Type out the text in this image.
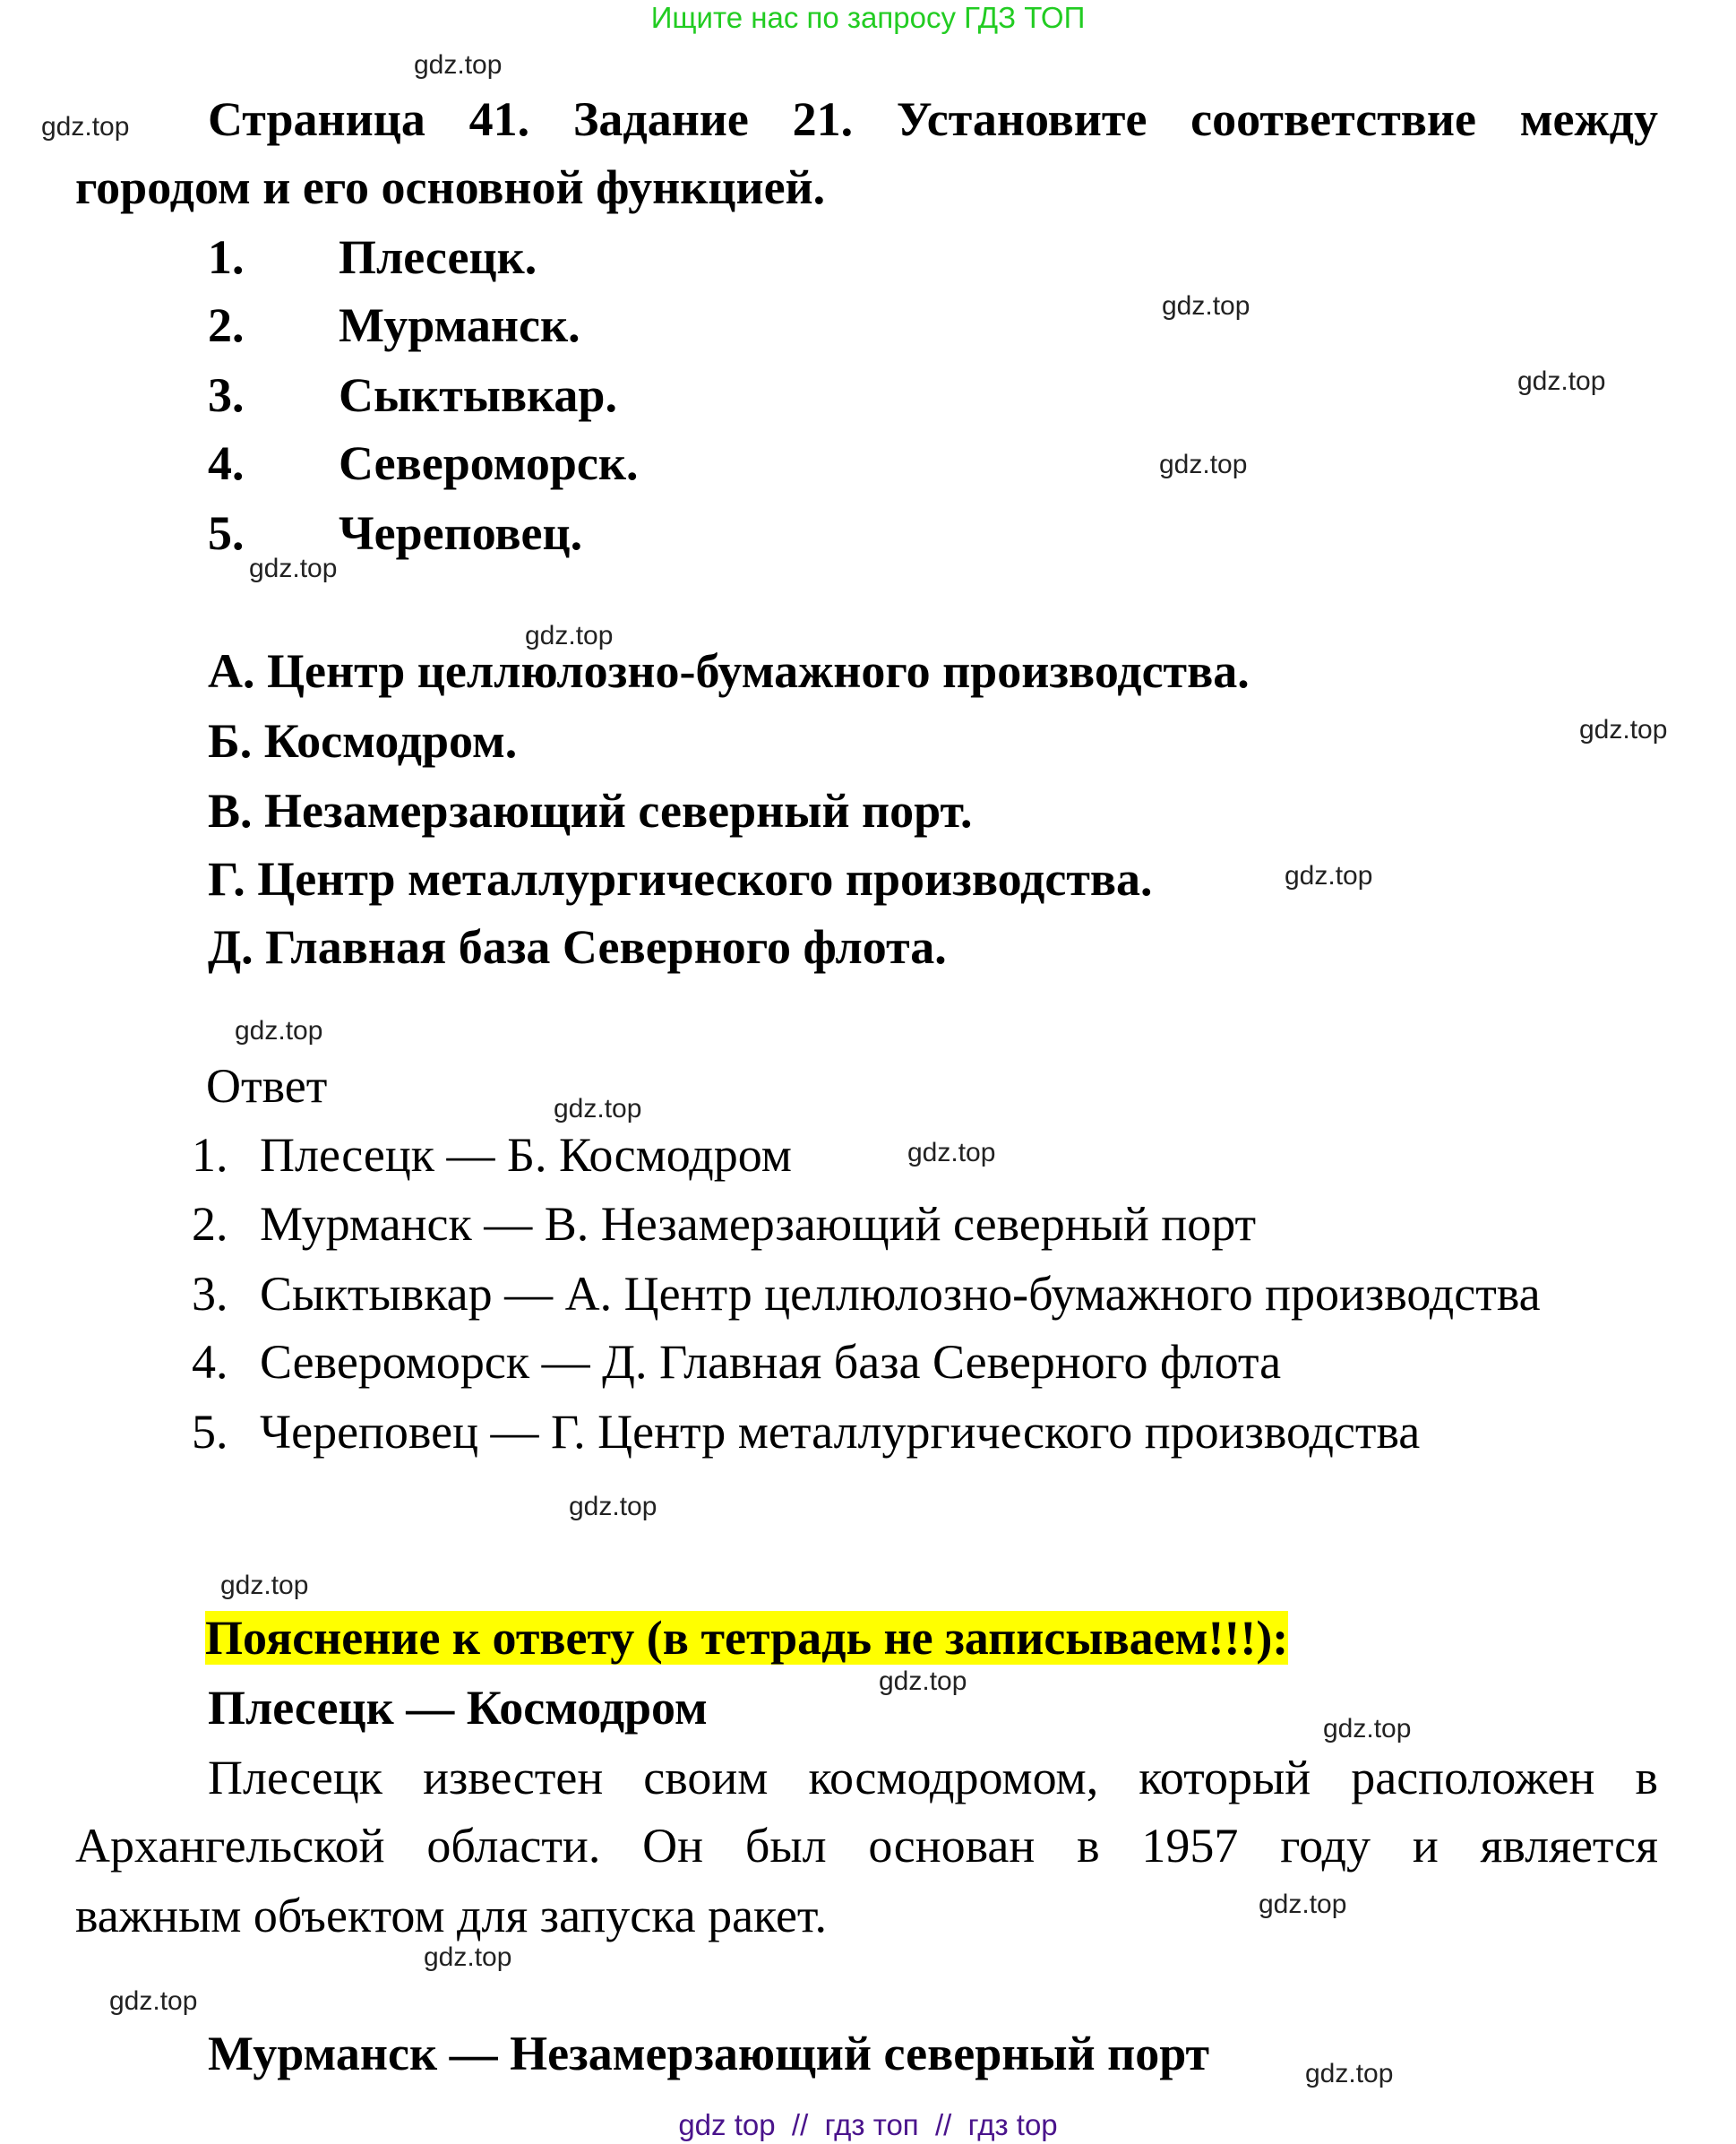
Ищите нас по запросу ГДЗ ТОП
Страница 41. Задание 21. Установите соответствие между
городом и его основной функцией.
1. Плесецк.
2. Мурманск.
3. Сыктывкар.
4. Североморск.
5. Череповец.
А. Центр целлюлозно-бумажного производства.
Б. Космодром.
В. Незамерзающий северный порт.
Г. Центр металлургического производства.
Д. Главная база Северного флота.
Ответ
1. Плесецк — Б. Космодром
2. Мурманск — В. Незамерзающий северный порт
3. Сыктывкар — А. Центр целлюлозно-бумажного производства
4. Североморск — Д. Главная база Северного флота
5. Череповец — Г. Центр металлургического производства
Пояснение к ответу (в тетрадь не записываем!!!):
Плесецк — Космодром
Плесецк известен своим космодромом, который расположен в
Архангельской области. Он был основан в 1957 году и является
важным объектом для запуска ракет.
Мурманск — Незамерзающий северный порт
gdz.top
gdz.top
gdz.top
gdz.top
gdz.top
gdz.top
gdz.top
gdz.top
gdz.top
gdz.top
gdz.top
gdz.top
gdz.top
gdz.top
gdz.top
gdz.top
gdz.top
gdz.top
gdz.top
gdz.top
gdz top  //  гдз топ  //  гдз top
